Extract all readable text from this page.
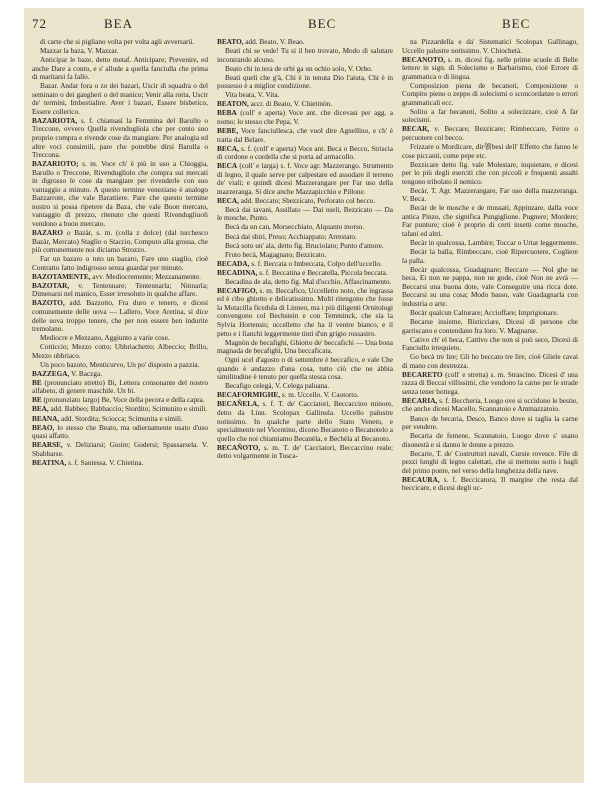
72	BEA	BEC	BEC

di carte che si pigliano volta per volta agli avversarii.

Mazzar la baza, V. Mazzar.

Anticipar le baze, detto metaf. Anticipare; Prevenire, ed anche Dare a conto, e s' allude a quella fanciulla che prima di maritarsi fa fallo.

Bazar. Andar fora o zo dei bazari, Uscir di squadra o del seminato o dei gangheri o del manico; Venir alla rotta, Uscir de' termini, Imbestialire. Aver i bazari, Essere bisbetico, Essere collerico.

BAZARIOTA, s. f. chiamasi la Femmina del Barullo o Treccone, ovvero Quella rivendugliola che per conto suo proprio compra e rivende cose da mangiare. Per analogia ed altre voci consimili, pare che potrebbe dirsi Barulla o Treccona.

BAZARIOTO; s. m. Voce ch' è più in uso a Chioggia, Barullo o Treccone, Rivendugliolo che compra sui mercati in digrosso le cose da mangiare per rivenderle con suo vantaggio a minuto. A questo termine veneziano è analogo Bazzarrote, che vale Barattiere. Pare che questo termine nostro si possa ripetere da Baza, che vale Buon mercato, vantaggio di prezzo, ritenuto che questi Rivendugliuoli vendono a buon mercato.

BAZARO o Bazàr, s. m. (colla z dolce) (dal turchesco Bazàr, Mercato) Staglio o Staccio, Computo alla grossa, che più comunemente noi diciamo Strozzo.

Far un bazaro o tuto un bazaro, Fare uno staglio, cioè Contratto fatto indigrosso senza guardar per minuto.

BAZOTAMENTE, avv. Mediocremente; Mezzanamente.

BAZOTAR, v. Tentennare; Tentennarla; Ninnarla; Dimenarsi nel manico, Esser irresoluto in qualche affare.

BAZOTO, add. Bazzotto, Fra duro e tenero, e dicesi comunemente delle uova — Lallero, Voce Aretina, si dice delle uova troppo tenere, che per non essere ben indurite tremolano.

Mediocre e Mezzano, Aggiunto a varie cose.

Cotticcio; Mezzo cotto; Ubbriachetto; Albeccio; Brillo, Mezzo ubbriaco.

Un poco bazoto, Menticurvo, Un po' disposto a pazzia.

BAZZEGA, V. Baczga.

BE (pronunciato stretto) Bi, Lettera consonante del nostro alfabeto, di genere maschile. Un bi.

BE (pronunziato largo) Be, Voce della pecora e della capra.

BEA, add. Babbeo; Babbaccio; Stordito; Scimunito e simili.

BEANA, add. Stordita; Sciocca; Scimunita e simili.

BEAO, lo stesso che Beato, ma odiernamente usato d'uso quasi affatto.

BEARSE, v. Deliziarsi; Gioire; Godersi; Spassarsela. V. Sbabbarse.

BEATINA, s. f. Santessa. V. Chietina.

BEATO, add. Beato, V. Beao.

Beati chi se vede! Tu si il ben trovato, Modo di salutare incontrando alcuno.

Beato chi in tera de orbi ga un ochio solo, V. Orbo.

Beati queli che g'à, Chi è in tenuta Dio l'aiuta, Chi è in possesso è a miglior condizione.

Vita beata, V. Vita.

BEATON, accr. di Beato, V. Chietinòn.

BEBA (coll' e aperta) Voce ant. che dicevasi per agg. a nomo; lo stesso che Pepa, V.

BEBE, Voce fanciullesca, che vuol dire Agnellino, e ch' è tratta dal Belare.

BECA, s. f. (coll' e aperta) Voce ant. Beca o Becco, Striscia di cordone o cordella che si porta ad armacollo.

BECA (coll' e larga) s. f. Voce agr. Mazzerango. Strumento di legno, il quale serve per calpestare ed assodare il terreno de' viali; e quindi dicesi Mazzerangare per Far uso della mazzeranga. Si dice anche Mazzapicchio e Pillone.

BECA, add. Beccato; Sbezzicato, Perforato col becco.

Becà dai tavani, Assillato — Dai oseli, Bezzicato — Da le mosche, Punto.

Becà da un can, Morsecchiato, Alquanto morso.

Becà dai sbiri, Preso; Acchiappato; Arrestato.

Becà soto un' ala, detto fig. Bruciolato; Punto d'amore.

Fruto becà, Magagnato; Bezzicato.

BECADA, s. f. Beccata o Imbeccata, Colpo dell'uccello.

BECADINA, s. f. Beccatina e Beccatella, Piccola beccata.

Becadina de ala, detto fig. Mal d'occhio, Affascinamento.

BECAFIGO, s. m. Beccafico, Uccelletto noto, che ingrassa ed è cibo ghiotto e delicatissimo. Molti ritengono che fosse la Motacilla ficedula di Linneo, ma i più diligenti Ornitologi convengono col Bechstein e con Temminck, che sia la Sylvia Hortensis; uccelletto che ha il ventre bianco, e il petto e i fianchi leggermente tinti d'un grigio rossastro.

Magnòn de becafighi, Ghiotto de' beccafichi — Una bona magnada de becafighi, Una beccaficata.

Ogni ucel d'agosto o di settembre è beccafico, e vale Che quando è andazzo d'una cosa, tutto ciò che ne abbia similitudine è tenuto per quella stessa cosa.

Becafigo celegà, V. Celega paluana.

BECAFORMIGHE, s. m. Uccello. V. Caotorto.

BECAÑELA, s. f. T. de' Cacciatori, Beccaccino minore, detto da Linn. Scolopax Gallinula. Uccello palustre notissimo. In qualche parte dello Stato Veneto, e specialmente nel Vicentino, dicono Becanoto o Becanotelo a quello che noi chiamiamo Becanèla, e Bechèla al Becanoto.

BECAÑOTO, s. m. T. de' Cacciatori, Beccaccino reale; detto volgarmente in Tosca-

na Pizzardella e da' Sistematici Scolopax Gallinago, Uccello palustre notissimo. V. Chiochetà.

BECANOTO, s. m. dicesi fig. nelle prime scuole di Belle lettere in sign. di Solecismo o Barbarismo, cioè Errore di grammatica o di lingua.

Composizion piena de becanoti, Composizione o Compito pieno o zeppo di solecismi o sconcordanze o errori grammaticali ecc.

Solito a far becanoti, Solito a solecizzare, cioè A far solecismi.

BECAR, v. Beccare; Bezzicare; Rimbeccare, Ferire o percuotere col becco.

Frizzare o Mordicare, dir領besi dell' Effetto che fanno le cose piccanti, come pepe etc.

Bezzicare detto fig. vale Molestare, inquietare, e dicesi per lo più degli eserciti che con piccoli e frequenti assalti tengono tribolato il nemico.

Becàr, T. Agr. Mazzerangare, Far uso della mazzeranga. V. Beca.

Becàr de le mosche e de mussati, Appinzare, dalla voce antica Pinzo, che significa Pungiglione. Pugnere; Mordere; Far punture; cioè è proprio di certi insetti come mosche, tafani ed altri.

Becàr in qualcossa, Lambire; Toccar o Urtar leggermente.

Becàr la balla, Rimbeccare, cioè Ripercuotere, Cogliere la palla.

Becàr qualcossa, Guadagnare; Beccare — Nol ghe ne beca, Ei non ne pappa, non ne gode, cioè Non ne avrà — Beccarsi una buona dote, vale Conseguire una ricca dote. Beccarsi su una cosa; Modo basso, vale Guadagnarla con industria o arte.

Becàr qualcun Calturare; Acciuffare; Imprigionare.

Becarse insieme, Bisticciare, Dicesi di persone che garriscano e contendano fra loro. V. Magnarse.

Cativo ch' el beca, Cattivo che non si può seco, Dicesi di Fanciullo irrequieto.

Go becà tre lire; Gli ho beccato tre lire, cioè Gliele cavai di mano con destrezza.

BECARETO (coll' e stretta) s. m. Strascino. Dicesi d' una razza di Beccai villissimi, che vendono la carne per le strade senza tener bottega.

BECARIA, s. f. Beccheria, Luogo ove si uccidono le bestie, che anche dicesi Macello, Scannatoio e Ammazzatoio.

Banco de becaria, Desco, Banco dove si taglia la carne per vendere.

Becaria de femene, Scannatoio, Luogo dove s' usano disonestà e si danno le donne a prezzo.

Becarie, T. de' Costruttori navali, Cursie rovesce. File di pezzi lunghi di legno calettati, che si mettono sotto i bagli del primo ponte, nel verso della lunghezza della nave.

BECAURA, s. f. Beccicatura, Il margine che resta dal beccicare, e dicesi degli uc-
